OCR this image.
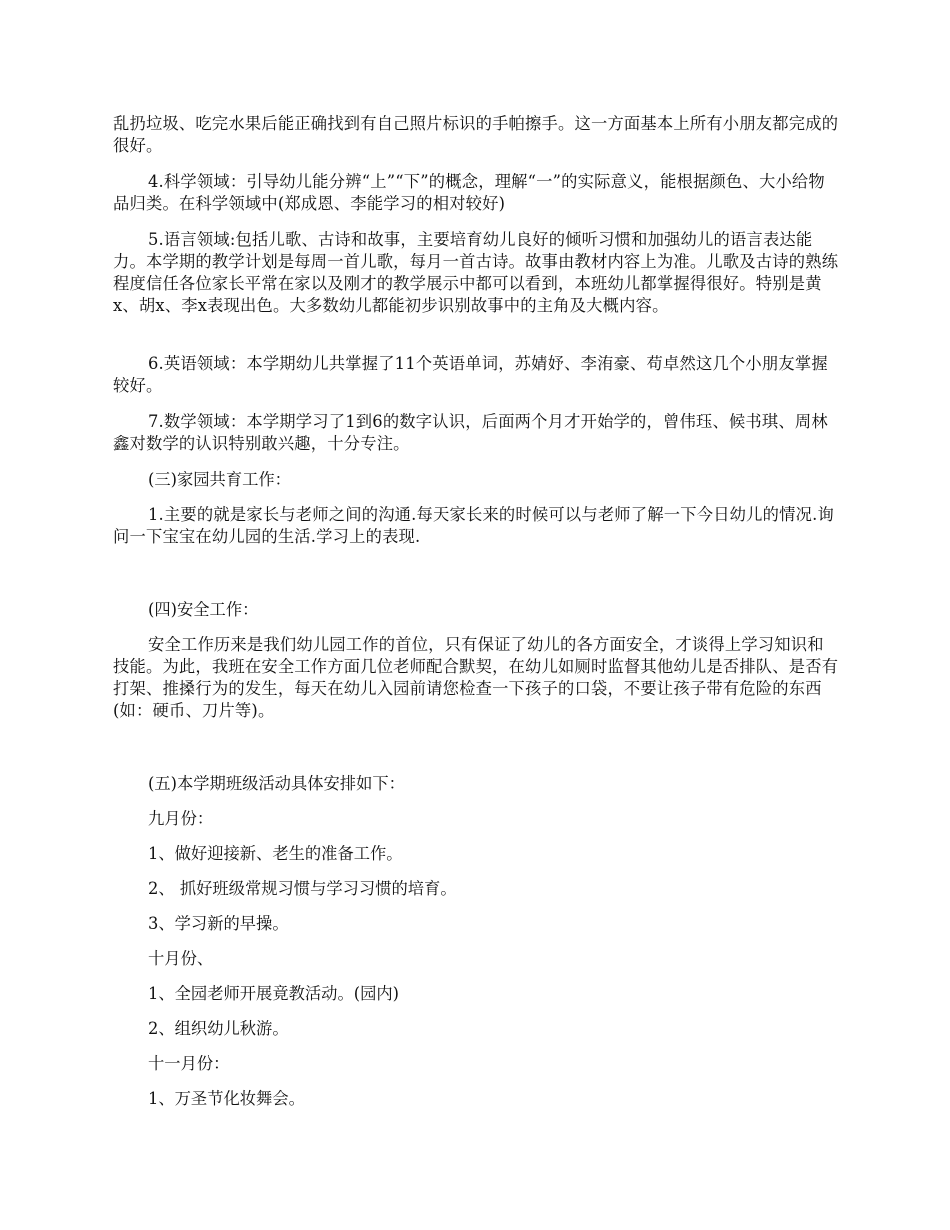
乱扔垃圾、吃完水果后能正确找到有自己照片标识的手帕擦手。这一方面基本上所有小朋友都完成的很好。

4.科学领域：引导幼儿能分辨“上”“下”的概念，理解“一”的实际意义，能根据颜色、大小给物品归类。在科学领域中(郑成恩、李能学习的相对较好)

5.语言领域:包括儿歌、古诗和故事，主要培育幼儿良好的倾听习惯和加强幼儿的语言表达能力。本学期的教学计划是每周一首儿歌，每月一首古诗。故事由教材内容上为准。儿歌及古诗的熟练程度信任各位家长平常在家以及刚才的教学展示中都可以看到，本班幼儿都掌握得很好。特别是黄x、胡x、李x表现出色。大多数幼儿都能初步识别故事中的主角及大概内容。

6.英语领域：本学期幼儿共掌握了11个英语单词，苏婧妤、李洧豪、苟卓然这几个小朋友掌握较好。

7.数学领域：本学期学习了1到6的数字认识，后面两个月才开始学的，曾伟珏、候书琪、周林鑫对数学的认识特别敢兴趣，十分专注。

(三)家园共育工作：

1.主要的就是家长与老师之间的沟通.每天家长来的时候可以与老师了解一下今日幼儿的情况.询问一下宝宝在幼儿园的生活.学习上的表现.

(四)安全工作：

安全工作历来是我们幼儿园工作的首位，只有保证了幼儿的各方面安全，才谈得上学习知识和技能。为此，我班在安全工作方面几位老师配合默契，在幼儿如厕时监督其他幼儿是否排队、是否有打架、推搡行为的发生，每天在幼儿入园前请您检查一下孩子的口袋，不要让孩子带有危险的东西(如：硬币、刀片等)。

(五)本学期班级活动具体安排如下：

九月份：

1、做好迎接新、老生的准备工作。

2、 抓好班级常规习惯与学习习惯的培育。

3、学习新的早操。

十月份、

1、全园老师开展竟教活动。(园内)

2、组织幼儿秋游。

十一月份：

1、万圣节化妆舞会。
